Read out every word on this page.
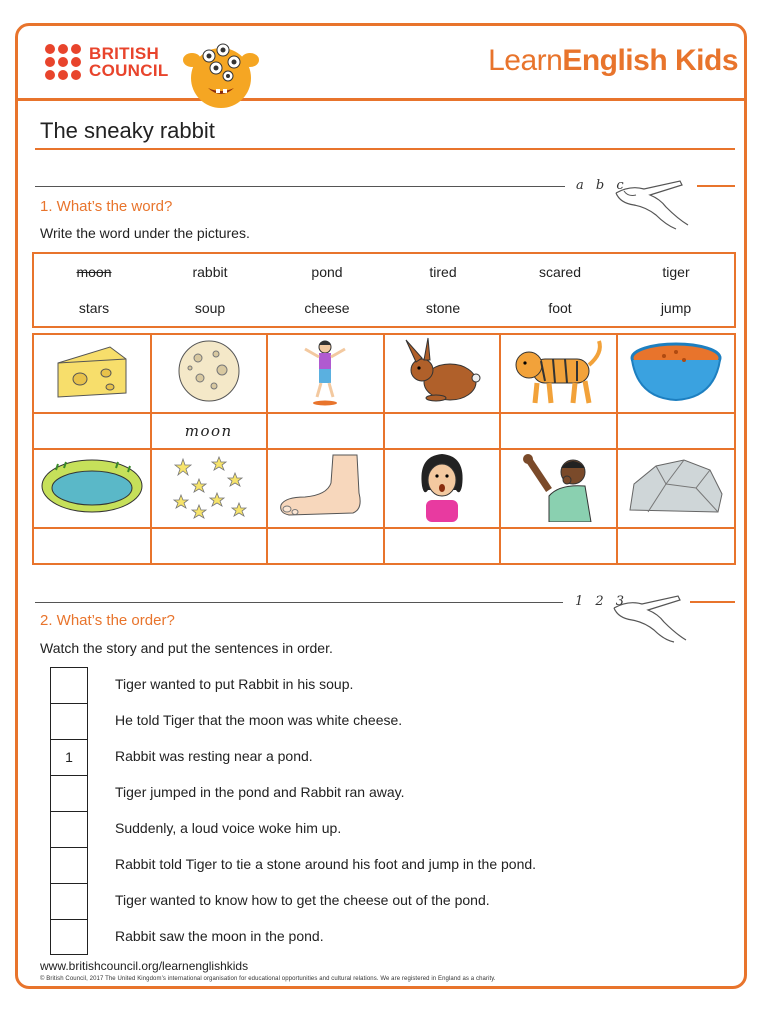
BRITISH
COUNCIL	LearnEnglish Kids
The sneaky rabbit
a b c
1. What’s the word?
Write the word under the pictures.
moon	rabbit	pond	tired	scared	tiger
stars	soup	cheese	stone	foot	jump

	moon				

1 2 3
2. What’s the order?
Watch the story and put the sentences in order.
Tiger wanted to put Rabbit in his soup.
He told Tiger that the moon was white cheese.
1	Rabbit was resting near a pond.
Tiger jumped in the pond and Rabbit ran away.
Suddenly, a loud voice woke him up.
Rabbit told Tiger to tie a stone around his foot and jump in the pond.
Tiger wanted to know how to get the cheese out of the pond.
Rabbit saw the moon in the pond.
www.britishcouncil.org/learnenglishkids
© British Council, 2017 The United Kingdom’s international organisation for educational opportunities and cultural relations. We are registered in England as a charity.
